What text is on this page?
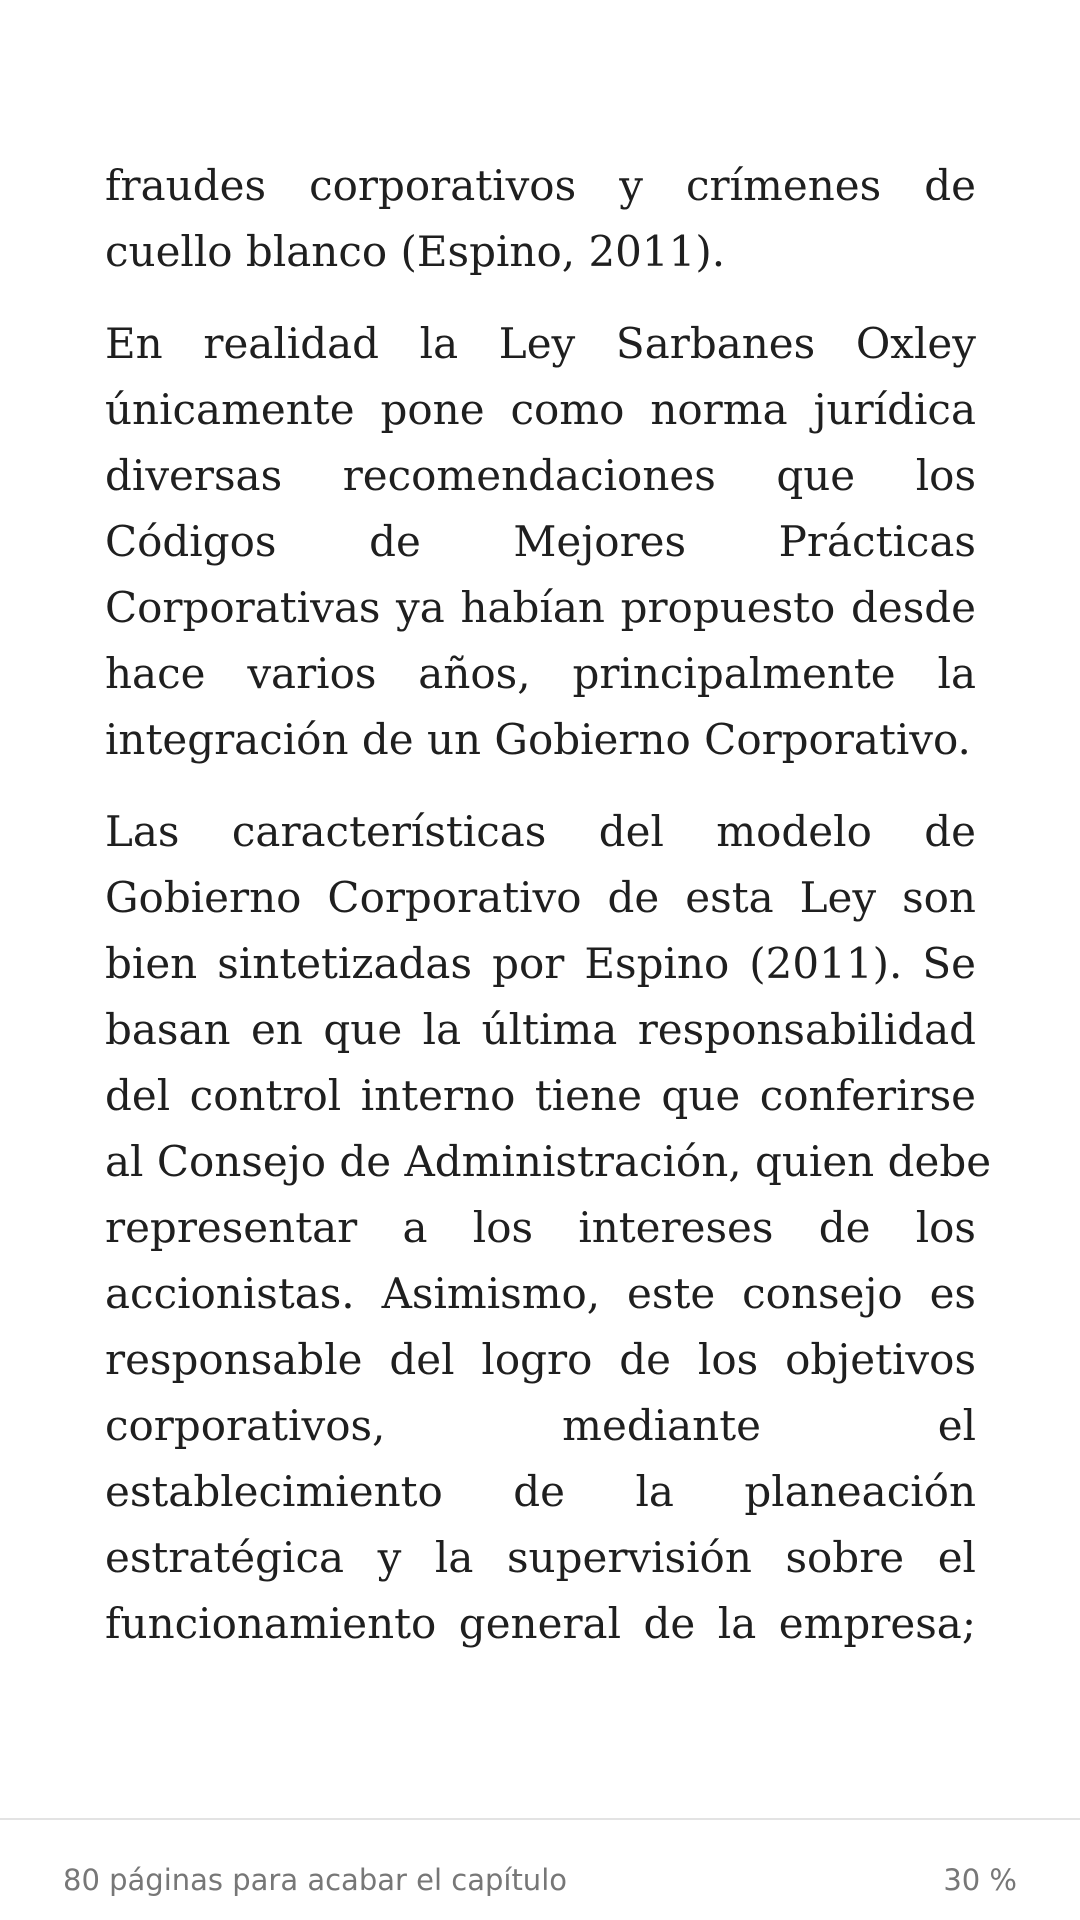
fraudes corporativos y crímenes de
cuello blanco (Espino, 2011).
En realidad la Ley Sarbanes Oxley
únicamente pone como norma jurídica
diversas recomendaciones que los
Códigos de Mejores Prácticas
Corporativas ya habían propuesto desde
hace varios años, principalmente la
integración de un Gobierno Corporativo.
Las características del modelo de
Gobierno Corporativo de esta Ley son
bien sintetizadas por Espino (2011). Se
basan en que la última responsabilidad
del control interno tiene que conferirse
al Consejo de Administración, quien debe
representar a los intereses de los
accionistas. Asimismo, este consejo es
responsable del logro de los objetivos
corporativos, mediante el
establecimiento de la planeación
estratégica y la supervisión sobre el
funcionamiento general de la empresa;
80 páginas para acabar el capítulo	30 %
